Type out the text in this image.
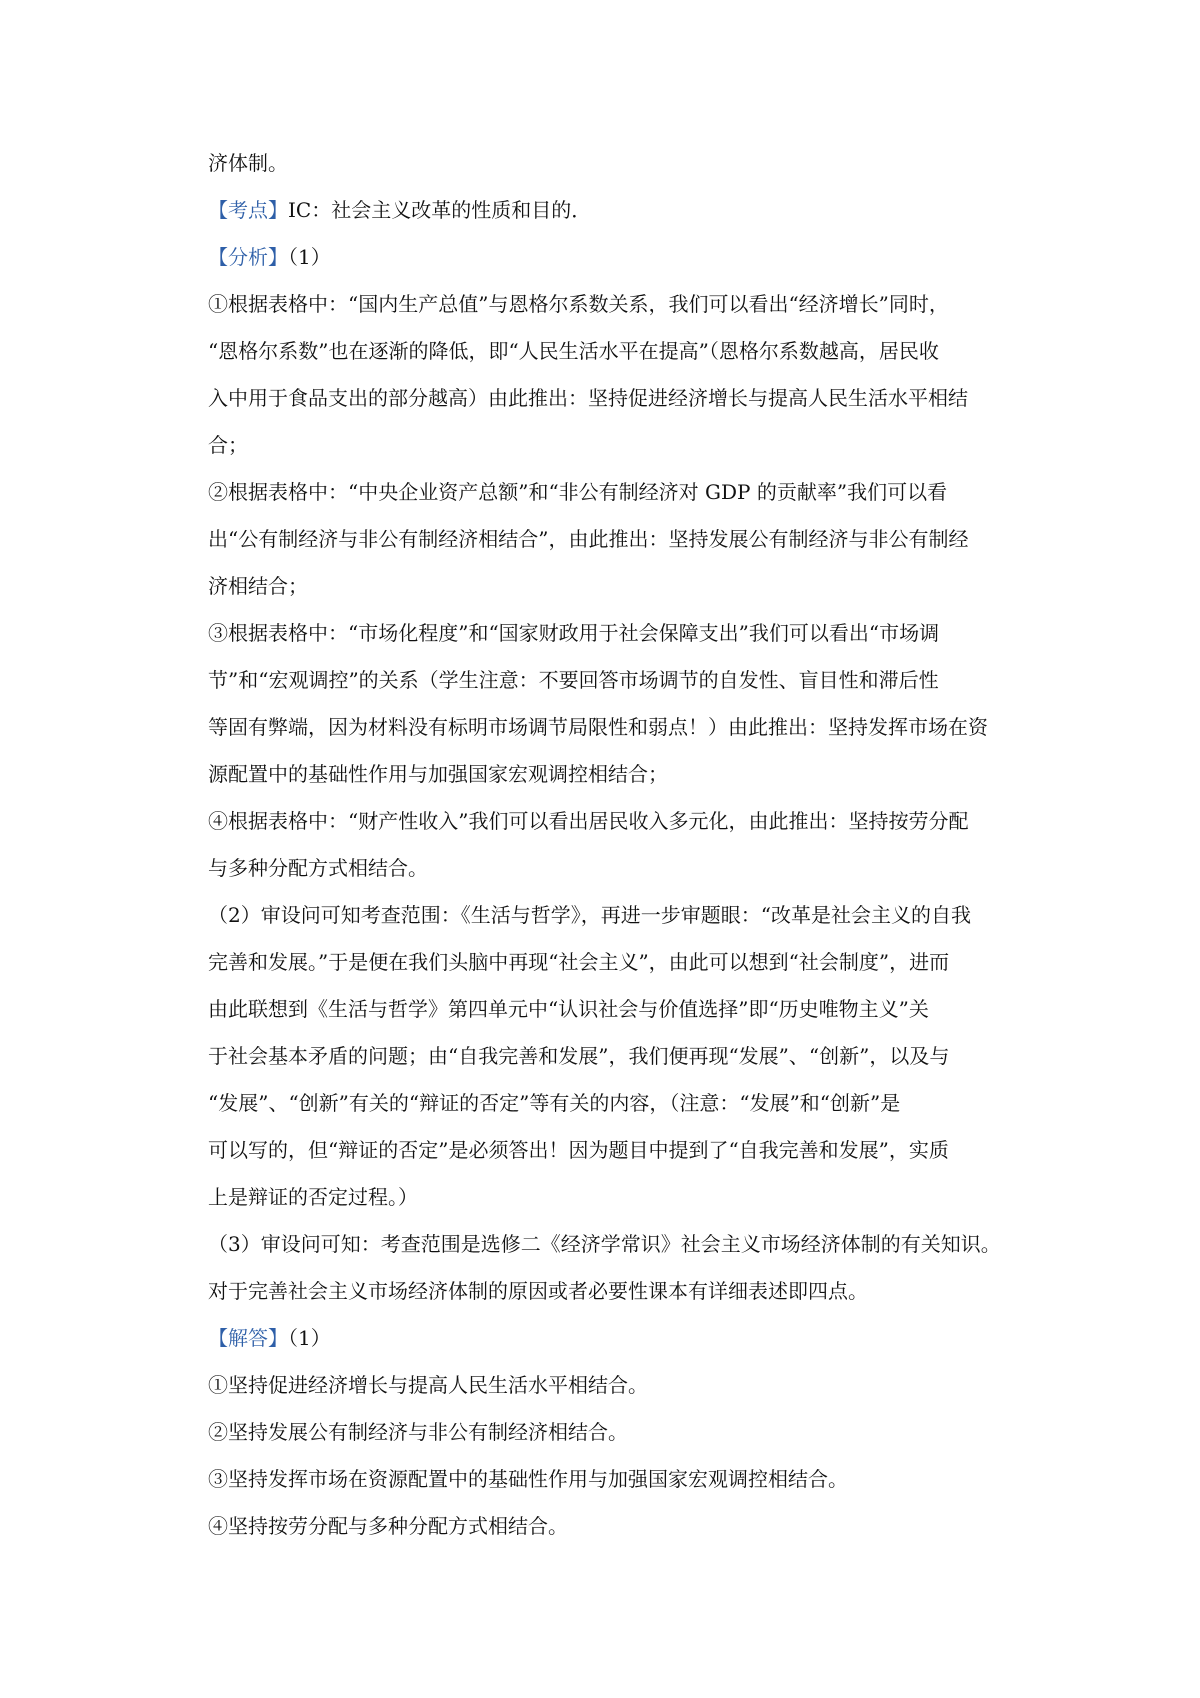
济体制。

【考点】IC：社会主义改革的性质和目的．

【分析】（1）

①根据表格中：“国内生产总值”与恩格尔系数关系，我们可以看出“经济增长”同时，

“恩格尔系数”也在逐渐的降低，即“人民生活水平在提高”（恩格尔系数越高，居民收

入中用于食品支出的部分越高）由此推出：坚持促进经济增长与提高人民生活水平相结

合；

②根据表格中：“中央企业资产总额”和“非公有制经济对 GDP 的贡献率”我们可以看

出“公有制经济与非公有制经济相结合”，由此推出：坚持发展公有制经济与非公有制经

济相结合；

③根据表格中：“市场化程度”和“国家财政用于社会保障支出”我们可以看出“市场调

节”和“宏观调控”的关系（学生注意：不要回答市场调节的自发性、盲目性和滞后性

等固有弊端，因为材料没有标明市场调节局限性和弱点！）由此推出：坚持发挥市场在资

源配置中的基础性作用与加强国家宏观调控相结合；

④根据表格中：“财产性收入”我们可以看出居民收入多元化，由此推出：坚持按劳分配

与多种分配方式相结合。

（2）审设问可知考查范围：《生活与哲学》，再进一步审题眼：“改革是社会主义的自我

完善和发展。”于是便在我们头脑中再现“社会主义”，由此可以想到“社会制度”，进而

由此联想到《生活与哲学》第四单元中“认识社会与价值选择”即“历史唯物主义”关

于社会基本矛盾的问题；由“自我完善和发展”，我们便再现“发展”、“创新”，以及与

“发展”、“创新”有关的“辩证的否定”等有关的内容，（注意：“发展”和“创新”是

可以写的，但“辩证的否定”是必须答出！因为题目中提到了“自我完善和发展”，实质

上是辩证的否定过程。）

（3）审设问可知：考查范围是选修二《经济学常识》社会主义市场经济体制的有关知识。

对于完善社会主义市场经济体制的原因或者必要性课本有详细表述即四点。

【解答】（1）

①坚持促进经济增长与提高人民生活水平相结合。

②坚持发展公有制经济与非公有制经济相结合。

③坚持发挥市场在资源配置中的基础性作用与加强国家宏观调控相结合。

④坚持按劳分配与多种分配方式相结合。
